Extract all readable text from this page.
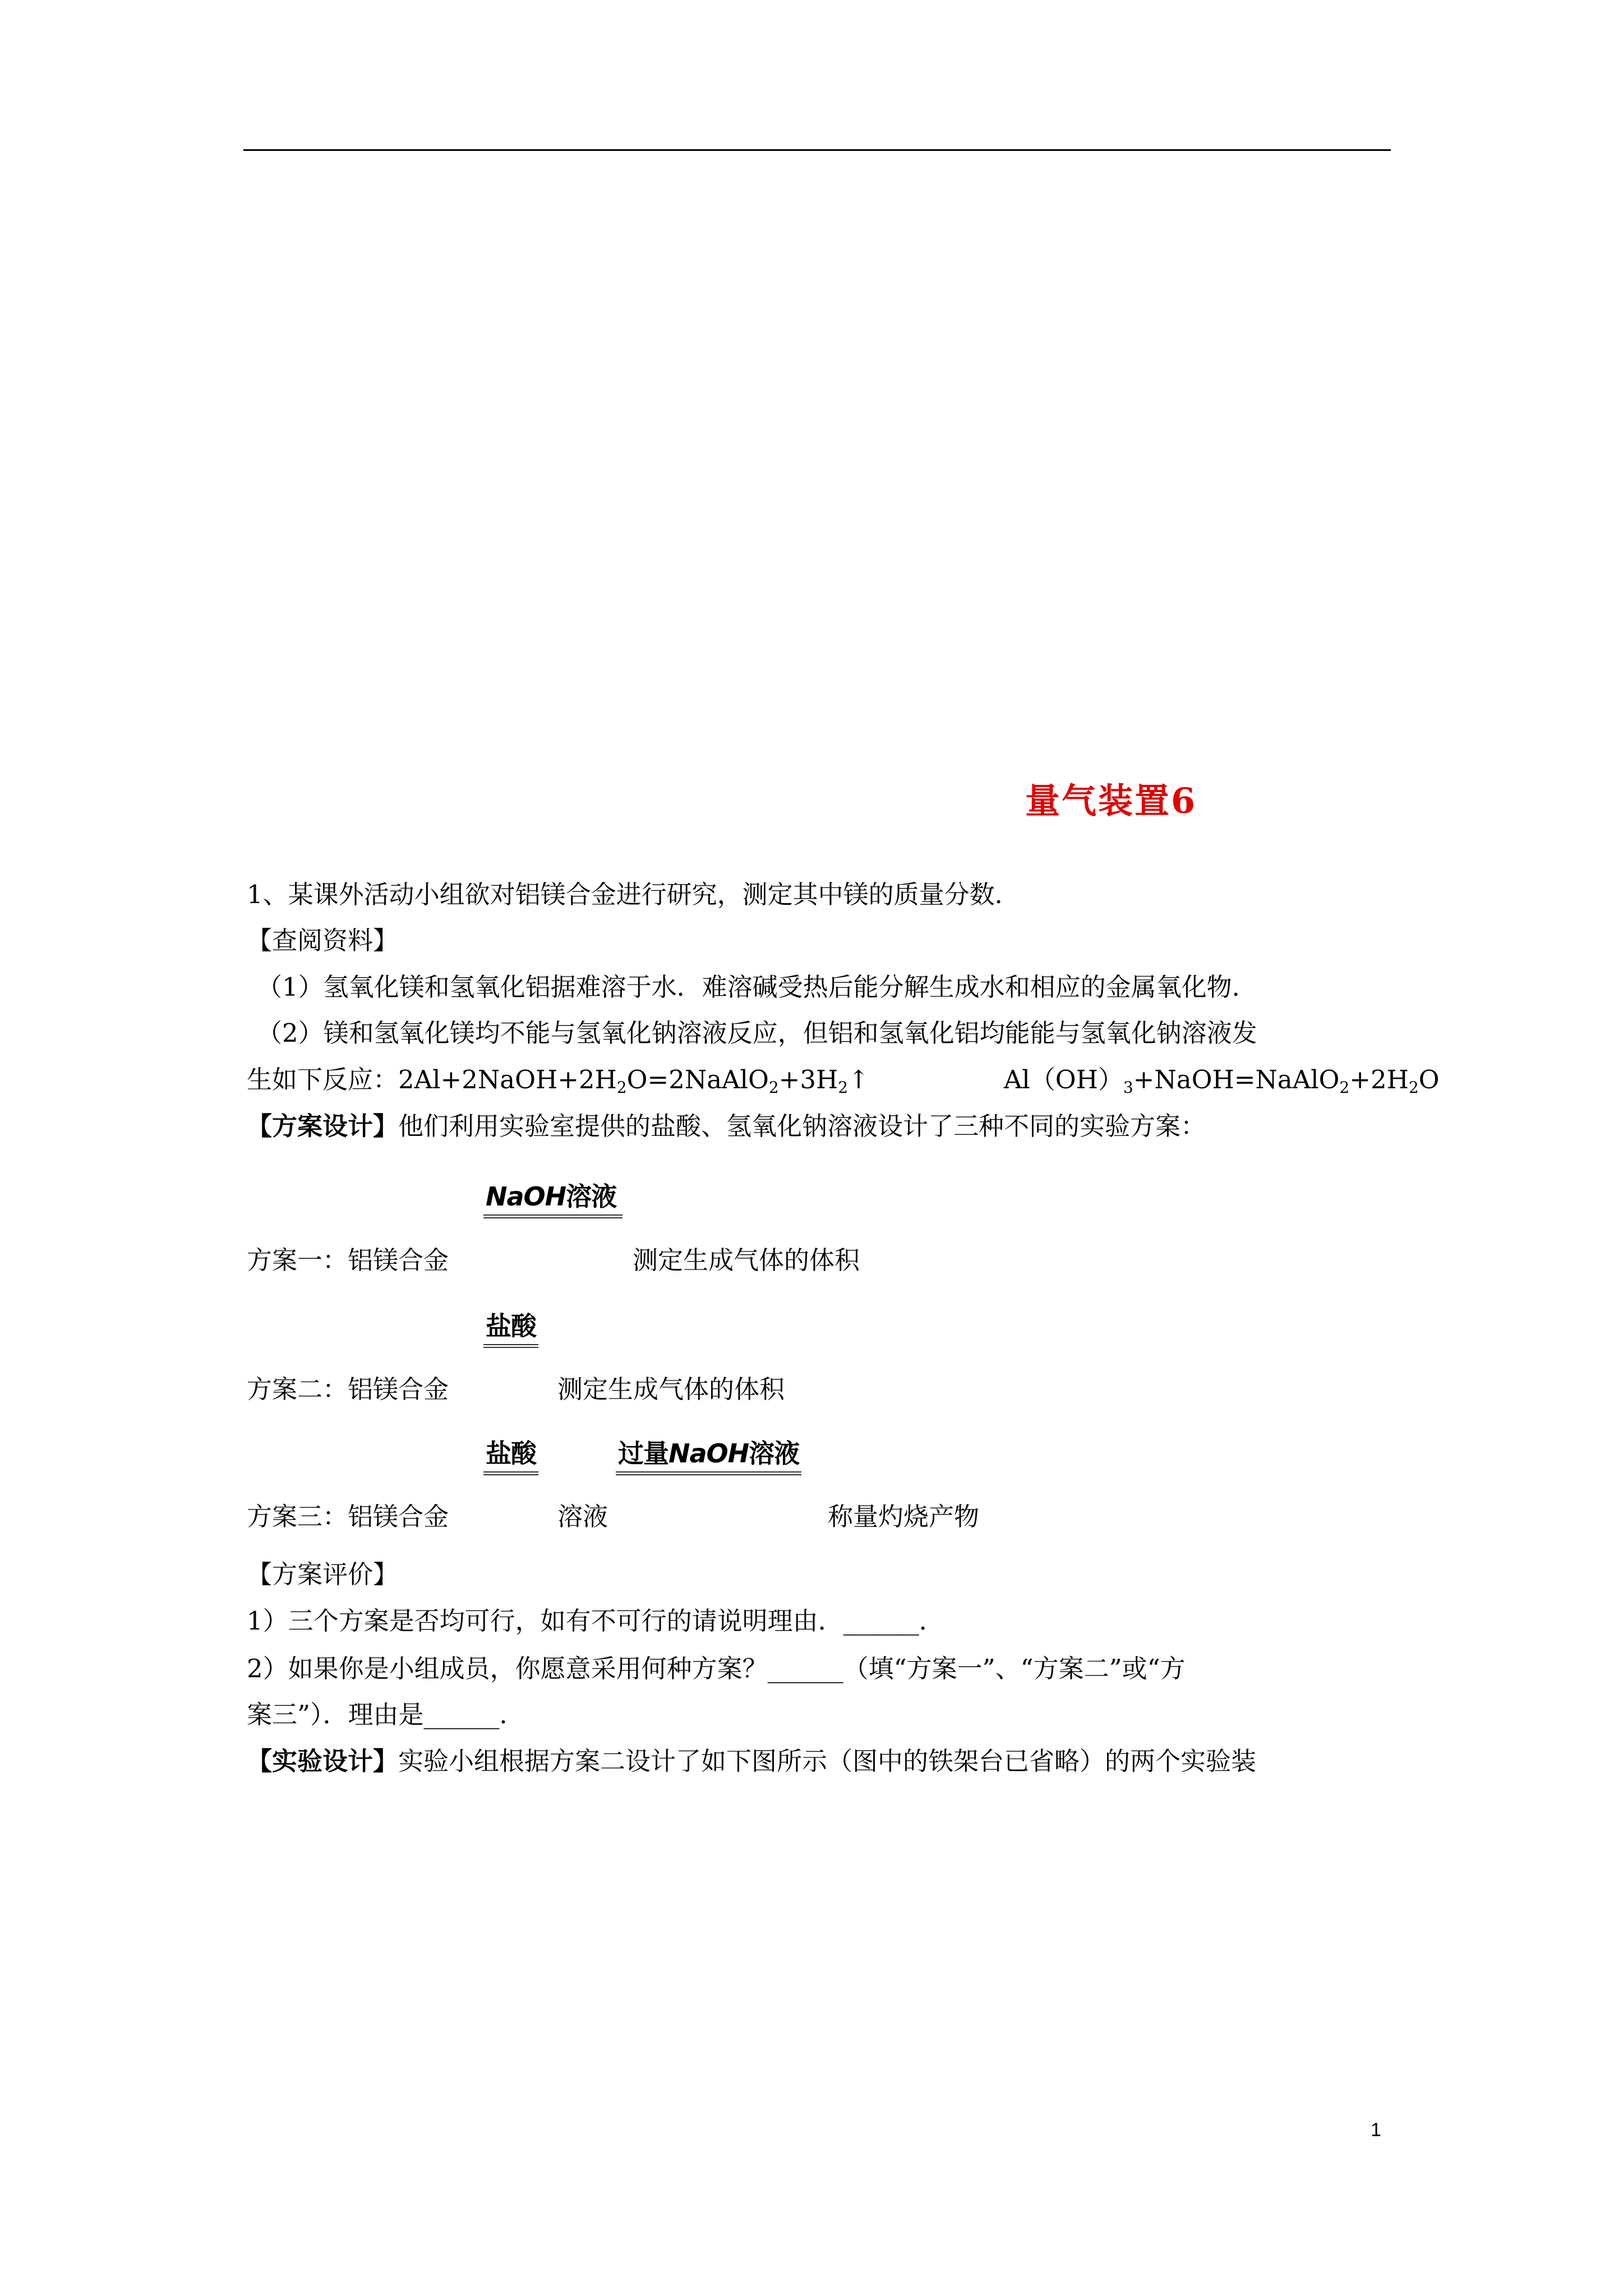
量气装置6
1、某课外活动小组欲对铝镁合金进行研究，测定其中镁的质量分数．
【查阅资料】
（1）氢氧化镁和氢氧化铝据难溶于水．难溶碱受热后能分解生成水和相应的金属氧化物．
（2）镁和氢氧化镁均不能与氢氧化钠溶液反应，但铝和氢氧化铝均能能与氢氧化钠溶液发
生如下反应：$2Al+2NaOH+2H_2O=2NaAlO_2+3H_2↑$	$Al(OH)_3+NaOH=NaAlO_2+2H_2O$
【方案设计】他们利用实验室提供的盐酸、氢氧化钠溶液设计了三种不同的实验方案：
NaOH溶液
方案一：铝镁合金	测定生成气体的体积
盐酸
方案二：铝镁合金	测定生成气体的体积
盐酸	过量NaOH溶液
方案三：铝镁合金	溶液	称量灼烧产物
【方案评价】
1）三个方案是否均可行，如有不可行的请说明理由．______．
2）如果你是小组成员，你愿意采用何种方案？______（填“方案一”、“方案二”或“方
案三”）．理由是______．
【实验设计】实验小组根据方案二设计了如下图所示（图中的铁架台已省略）的两个实验装
1
